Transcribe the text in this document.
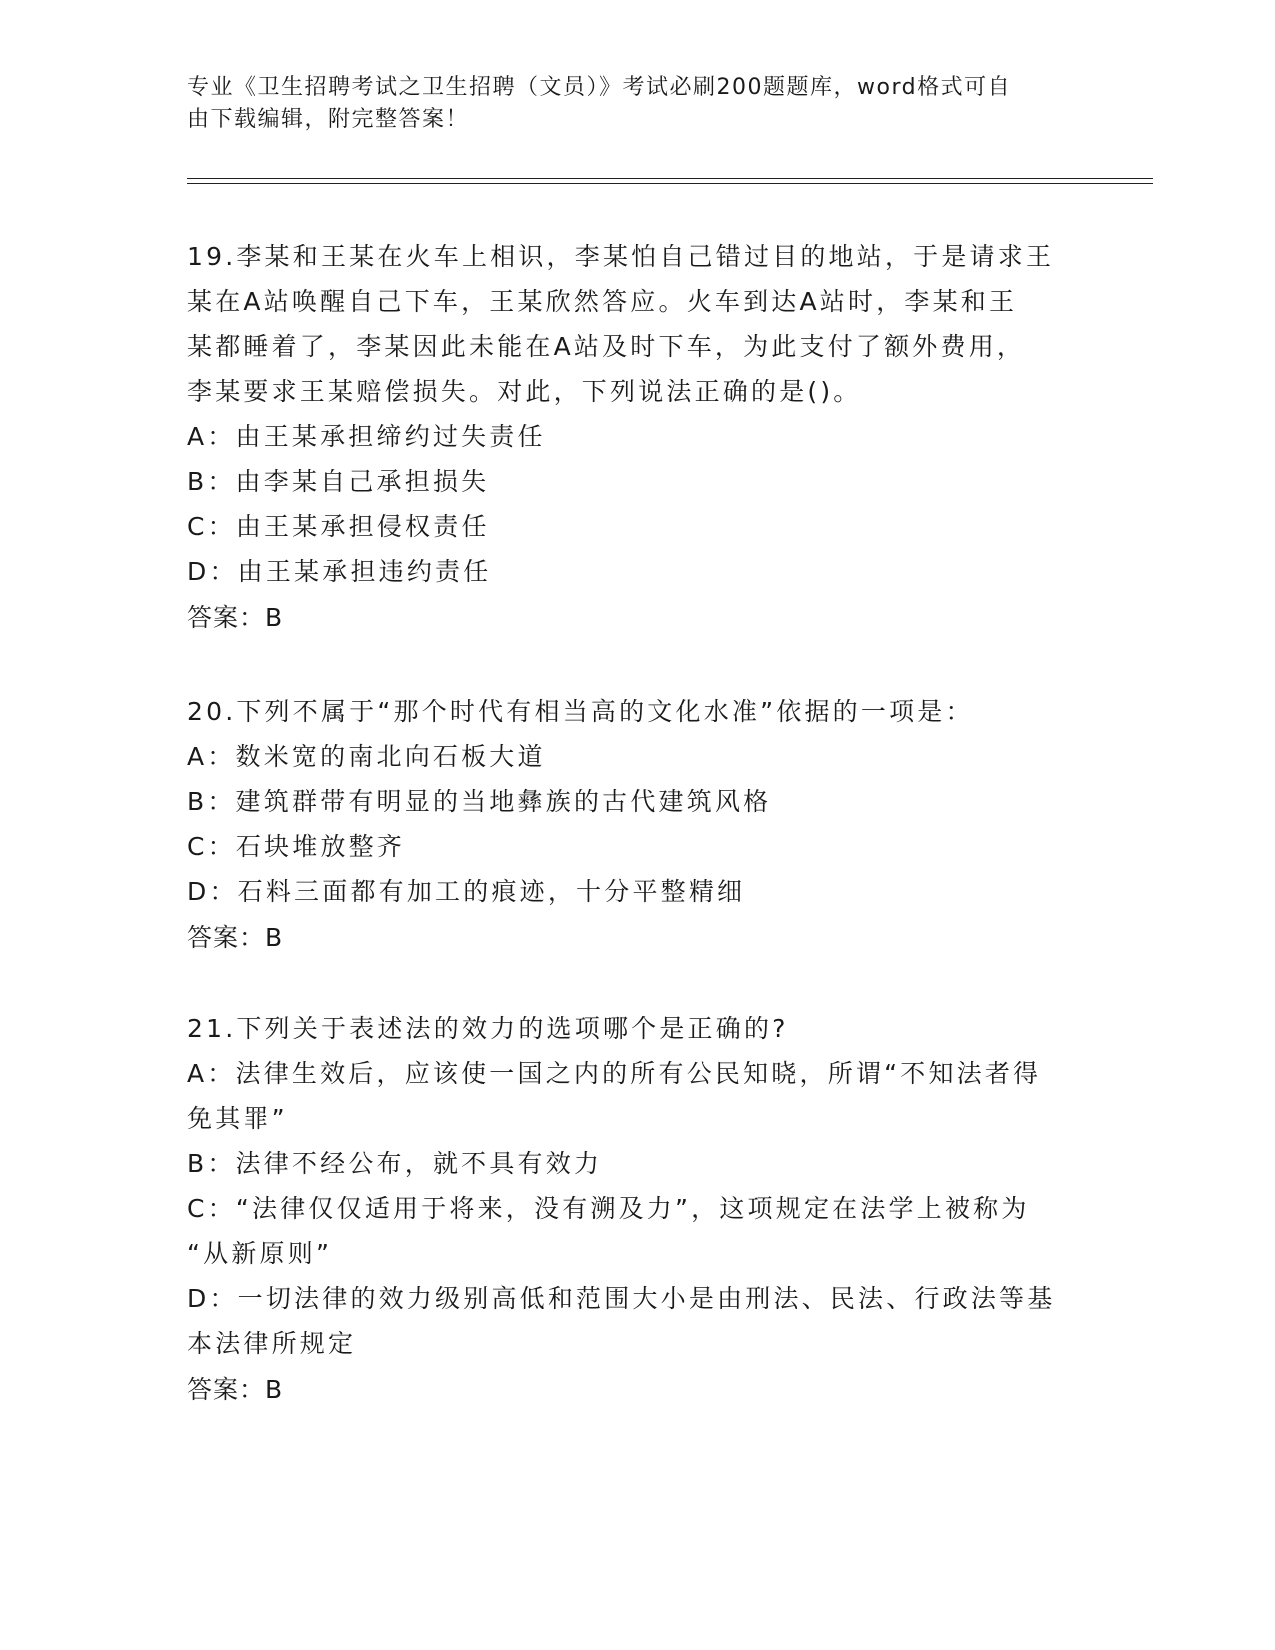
专业《卫生招聘考试之卫生招聘（文员）》考试必刷200题题库，word格式可自
由下载编辑，附完整答案！
19.李某和王某在火车上相识，李某怕自己错过目的地站，于是请求王
某在A站唤醒自己下车，王某欣然答应。火车到达A站时，李某和王
某都睡着了，李某因此未能在A站及时下车，为此支付了额外费用，
李某要求王某赔偿损失。对此，下列说法正确的是()。
A：由王某承担缔约过失责任
B：由李某自己承担损失
C：由王某承担侵权责任
D：由王某承担违约责任
答案：B
20.下列不属于“那个时代有相当高的文化水准”依据的一项是：
A：数米宽的南北向石板大道
B：建筑群带有明显的当地彝族的古代建筑风格
C：石块堆放整齐
D：石料三面都有加工的痕迹，十分平整精细
答案：B
21.下列关于表述法的效力的选项哪个是正确的?
A：法律生效后，应该使一国之内的所有公民知晓，所谓“不知法者得
免其罪”
B：法律不经公布，就不具有效力
C：“法律仅仅适用于将来，没有溯及力”，这项规定在法学上被称为
“从新原则”
D：一切法律的效力级别高低和范围大小是由刑法、民法、行政法等基
本法律所规定
答案：B
